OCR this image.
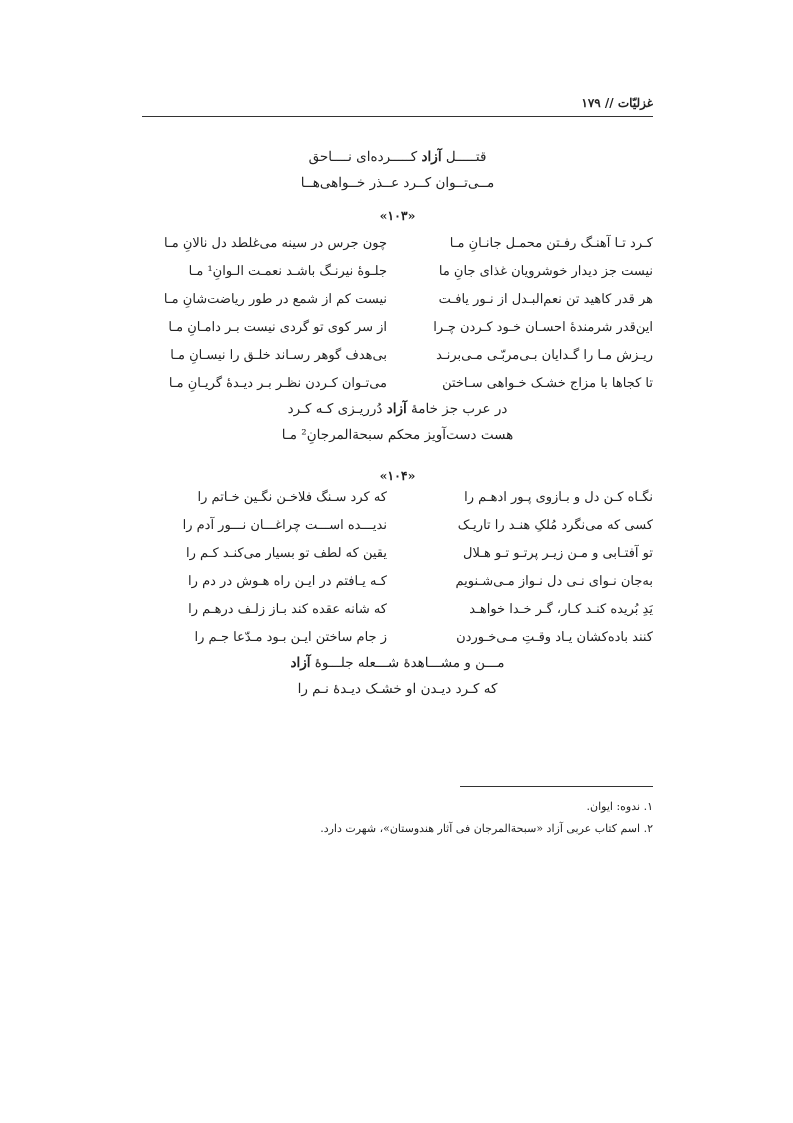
غزلیّات // ۱۷۹
قتـــــل آزاد کـــــرده‌ای نــــاحق
مــی‌تــوان کــرد عــذر خــواهی‌هــا
«۱۰۳»
کـرد تـا آهنـگ رفـتن محمـل جانـانِ مـا
چون جرس در سینه می‌غلطد دل نالانِ مـا
نیست جز دیدار خوشرویان غذای جانِ ما
جلـوهٔ نیرنـگ باشـد نعمـت الـوانِ¹ مـا
هر قدر کاهید تن نعم‌البـدل از نـور یافـت
نیست کم از شمع در طور ریاضت‌شانِ مـا
این‌قدر شرمندهٔ احسـان خـود کـردن چـرا
از سر کوی تو گردی نیست بـر دامـانِ مـا
ریـزش مـا را گـدایان بـی‌مربّـی مـی‌برنـد
بی‌هدف گوهر رسـاند خلـق را نیسـانِ مـا
تا کجاها با مزاج خشـک خـواهی سـاختن
می‌تـوان کـردن نظـر بـر دیـدهٔ گریـانِ مـا
در عرب جز خامهٔ آزاد دُرریـزی کـه کـرد
هست دست‌آویز محکم سبحة‌المرجانِ² مـا
«۱۰۴»
نگـاه کـن دل و بـازوی پـور ادهـم را
که کرد سـنگ فلاخـن نگـین خـاتم را
کسی که می‌نگرد مُلکِ هنـد را تاریـک
ندیـــده اســـت چراغـــان نـــور آدم را
تو آفتـابی و مـن زیـر پرتـو تـو هـلال
یقین که لطف تو بسیار می‌کنـد کـم را
به‌جان نـوای نـی دل نـواز مـی‌شـنویم
کـه یـافتم در ایـن راه هـوش در دم را
یَدِ بُریده کنـد کـار، گـر خـدا خواهـد
که شانه عقده کند بـاز زلـف درهـم را
کنند باده‌کشان یـاد وقـتِ مـی‌خـوردن
ز جام ساختن ایـن بـود مـدّعا جـم را
مـــن و مشـــاهدهٔ شـــعله جلـــوهٔ آزاد
که کـرد دیـدن او خشـک دیـدهٔ نـم را
۱. ندوه: ایوان.
۲. اسم کتاب عربی آزاد «سبحة‌المرجان فی آثار هندوستان»، شهرت دارد.
